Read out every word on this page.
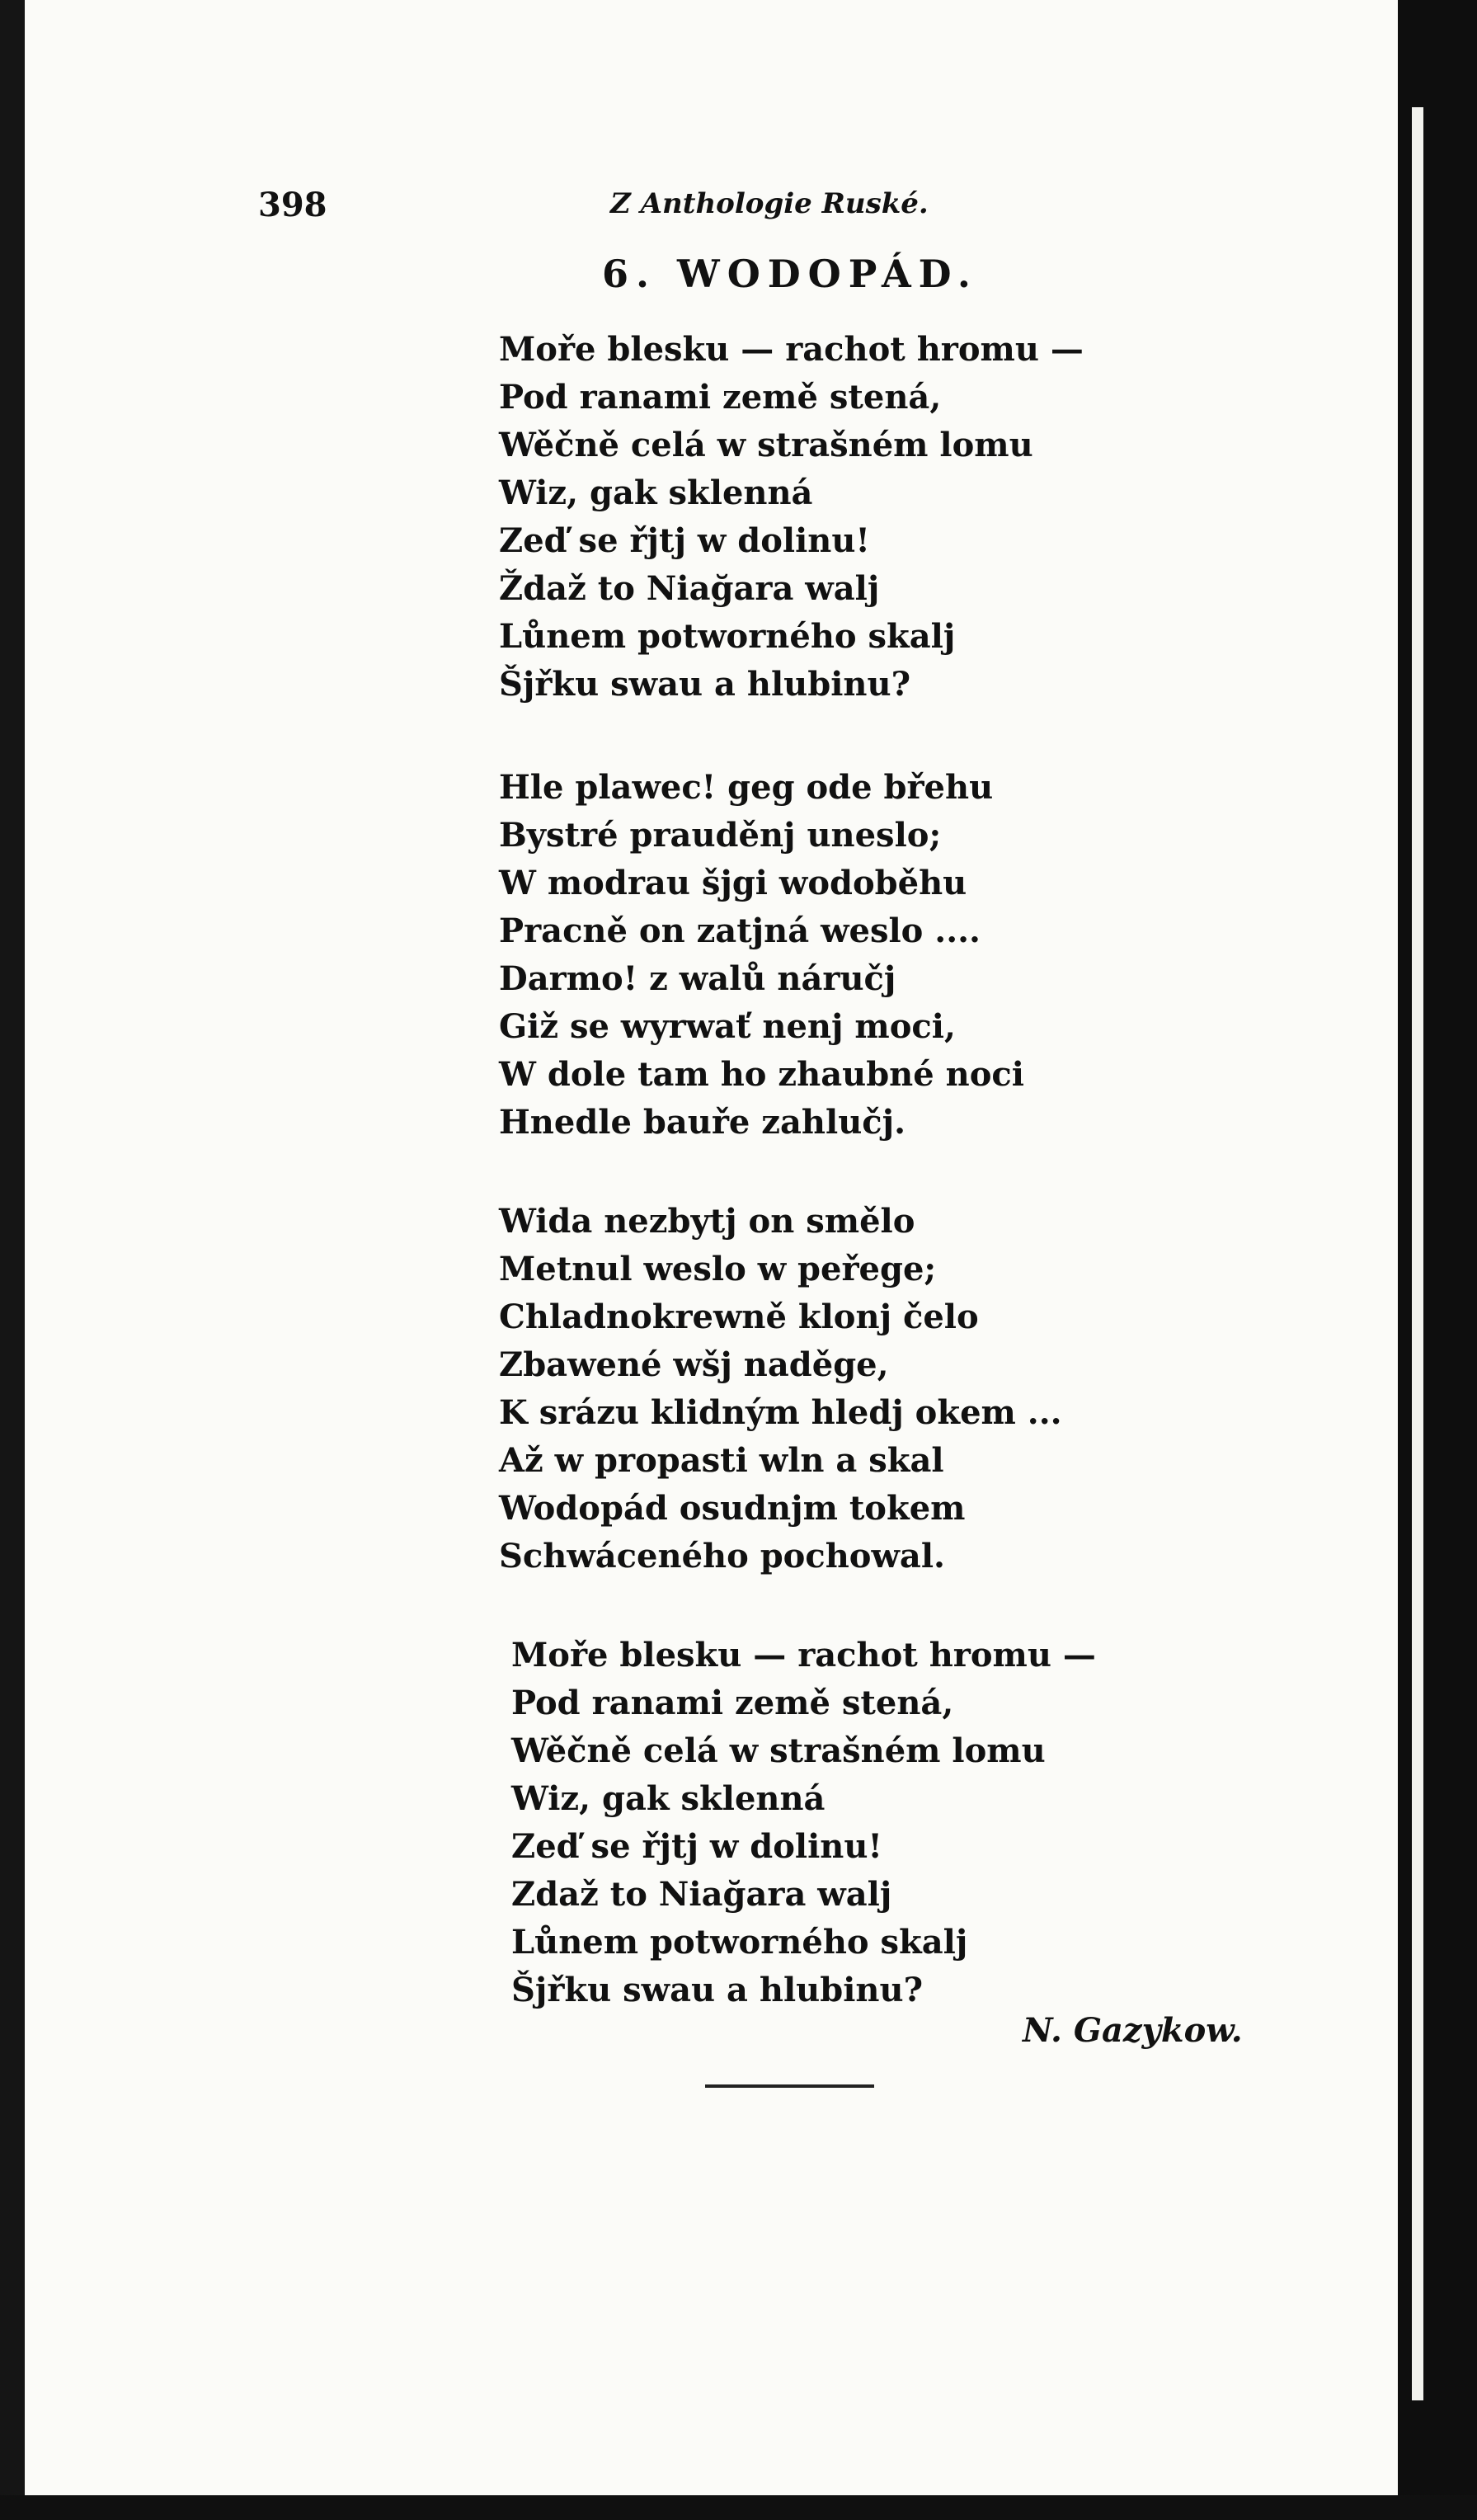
398	Z Anthologie Ruské.
6. WODOPÁD.
Moře blesku — rachot hromu —
Pod ranami země stená,
Wěčně celá w strašném lomu
Wiz, gak sklenná
Zeď se řjtj w dolinu!
Ždaž to Niağara walj
Lůnem potworného skalj
Šjřku swau a hlubinu?
Hle plawec! geg ode břehu
Bystré prauděnj uneslo;
W modrau šjgi wodoběhu
Pracně on zatjná weslo ....
Darmo! z walů náručj
Giž se wyrwať nenj moci,
W dole tam ho zhaubné noci
Hnedle bauře zahlučj.
Wida nezbytj on smělo
Metnul weslo w peřege;
Chladnokrewně klonj čelo
Zbawené wšj naděge,
K srázu klidným hledj okem ...
Až w propasti wln a skal
Wodopád osudnjm tokem
Schwáceného pochowal.
Moře blesku — rachot hromu —
Pod ranami země stená,
Wěčně celá w strašném lomu
Wiz, gak sklenná
Zeď se řjtj w dolinu!
Zdaž to Niağara walj
Lůnem potworného skalj
Šjřku swau a hlubinu?
N. Gazykow.
